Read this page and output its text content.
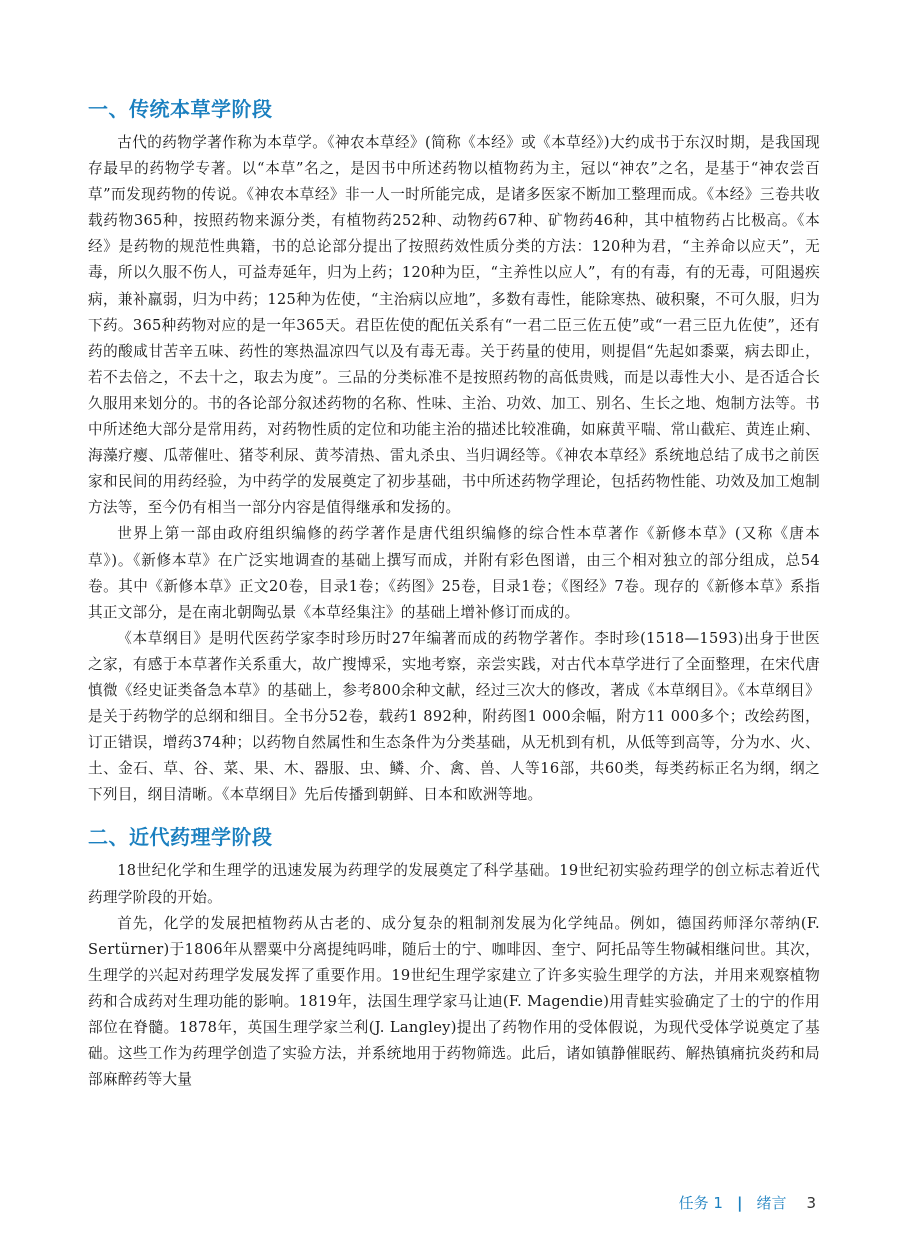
一、传统本草学阶段

古代的药物学著作称为本草学。《神农本草经》(简称《本经》或《本草经》)大约成书于东汉时期，是我国现存最早的药物学专著。以“本草”名之，是因书中所述药物以植物药为主，冠以“神农”之名，是基于“神农尝百草”而发现药物的传说。《神农本草经》非一人一时所能完成，是诸多医家不断加工整理而成。《本经》三卷共收载药物365种，按照药物来源分类，有植物药252种、动物药67种、矿物药46种，其中植物药占比极高。《本经》是药物的规范性典籍，书的总论部分提出了按照药效性质分类的方法：120种为君，“主养命以应天”，无毒，所以久服不伤人，可益寿延年，归为上药；120种为臣，“主养性以应人”，有的有毒，有的无毒，可阻遏疾病，兼补羸弱，归为中药；125种为佐使，“主治病以应地”，多数有毒性，能除寒热、破积聚，不可久服，归为下药。365种药物对应的是一年365天。君臣佐使的配伍关系有“一君二臣三佐五使”或“一君三臣九佐使”，还有药的酸咸甘苦辛五味、药性的寒热温凉四气以及有毒无毒。关于药量的使用，则提倡“先起如黍粟，病去即止，若不去倍之，不去十之，取去为度”。三品的分类标准不是按照药物的高低贵贱，而是以毒性大小、是否适合长久服用来划分的。书的各论部分叙述药物的名称、性味、主治、功效、加工、别名、生长之地、炮制方法等。书中所述绝大部分是常用药，对药物性质的定位和功能主治的描述比较准确，如麻黄平喘、常山截疟、黄连止痢、海藻疗瘿、瓜蒂催吐、猪苓利尿、黄芩清热、雷丸杀虫、当归调经等。《神农本草经》系统地总结了成书之前医家和民间的用药经验，为中药学的发展奠定了初步基础，书中所述药物学理论，包括药物性能、功效及加工炮制方法等，至今仍有相当一部分内容是值得继承和发扬的。

世界上第一部由政府组织编修的药学著作是唐代组织编修的综合性本草著作《新修本草》(又称《唐本草》)。《新修本草》在广泛实地调查的基础上撰写而成，并附有彩色图谱，由三个相对独立的部分组成，总54卷。其中《新修本草》正文20卷，目录1卷；《药图》25卷，目录1卷；《图经》7卷。现存的《新修本草》系指其正文部分，是在南北朝陶弘景《本草经集注》的基础上增补修订而成的。

《本草纲目》是明代医药学家李时珍历时27年编著而成的药物学著作。李时珍(1518—1593)出身于世医之家，有感于本草著作关系重大，故广搜博采，实地考察，亲尝实践，对古代本草学进行了全面整理，在宋代唐慎微《经史证类备急本草》的基础上，参考800余种文献，经过三次大的修改，著成《本草纲目》。《本草纲目》是关于药物学的总纲和细目。全书分52卷，载药1 892种，附药图1 000余幅，附方11 000多个；改绘药图，订正错误，增药374种；以药物自然属性和生态条件为分类基础，从无机到有机，从低等到高等，分为水、火、土、金石、草、谷、菜、果、木、器服、虫、鳞、介、禽、兽、人等16部，共60类，每类药标正名为纲，纲之下列目，纲目清晰。《本草纲目》先后传播到朝鲜、日本和欧洲等地。

二、近代药理学阶段

18世纪化学和生理学的迅速发展为药理学的发展奠定了科学基础。19世纪初实验药理学的创立标志着近代药理学阶段的开始。

首先，化学的发展把植物药从古老的、成分复杂的粗制剂发展为化学纯品。例如，德国药师泽尔蒂纳(F. Sertürner)于1806年从罂粟中分离提纯吗啡，随后士的宁、咖啡因、奎宁、阿托品等生物碱相继问世。其次，生理学的兴起对药理学发展发挥了重要作用。19世纪生理学家建立了许多实验生理学的方法，并用来观察植物药和合成药对生理功能的影响。1819年，法国生理学家马让迪(F. Magendie)用青蛙实验确定了士的宁的作用部位在脊髓。1878年，英国生理学家兰利(J. Langley)提出了药物作用的受体假说，为现代受体学说奠定了基础。这些工作为药理学创造了实验方法，并系统地用于药物筛选。此后，诸如镇静催眠药、解热镇痛抗炎药和局部麻醉药等大量

任务 1 | 绪言 3
